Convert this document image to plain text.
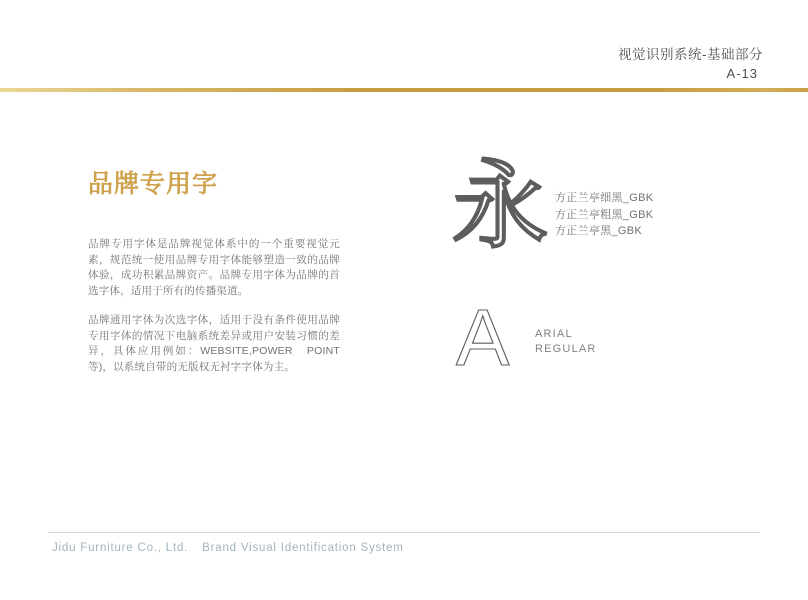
视觉识别系统-基础部分
A-13
品牌专用字

品牌专用字体是品牌视觉体系中的一个重要视觉元素，规范统一使用品牌专用字体能够塑造一致的品牌体验，成功积累品牌资产。品牌专用字体为品牌的首选字体，适用于所有的传播渠道。

品牌通用字体为次选字体，适用于没有条件使用品牌专用字体的情况下电脑系统差异或用户安装习惯的差异，具体应用例如：WEBSITE,POWER　POINT等)，以系统自带的无版权无衬字字体为主。

永 方正兰亭细黑_GBK
方正兰亭粗黑_GBK
方正兰亭黑_GBK
A ARIAL
REGULAR
Jidu Furniture Co., Ltd. Brand Visual Identification System
